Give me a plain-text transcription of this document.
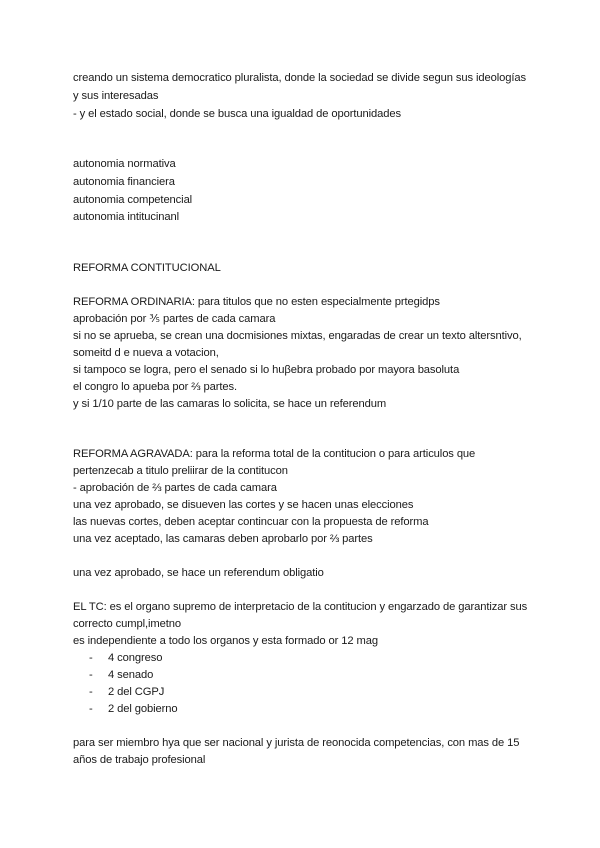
creando un sistema democratico pluralista, donde la sociedad se divide segun sus ideologías
y sus interesadas
- y el estado social, donde se busca una igualdad de oportunidades
autonomia normativa
autonomia financiera
autonomia competencial
autonomia intitucinanl
REFORMA CONTITUCIONAL
REFORMA ORDINARIA: para titulos que no esten especialmente prtegidps
aprobación por ⅗ partes de cada camara
si no se aprueba, se crean una docmisiones mixtas, engaradas de crear un texto altersntivo,
someitd d e nueva a votacion,
si tampoco se logra, pero el senado si lo huβebra probado por mayora basoluta
el congro lo apueba por ⅔ partes.
y si 1/10 parte de las camaras lo solicita, se hace un referendum
REFORMA AGRAVADA: para la reforma total de la contitucion o para articulos que
pertenzecab a titulo preliirar de la contitucon
- aprobación de ⅔ partes de cada camara
una vez aprobado, se disueven las cortes y se hacen unas elecciones
las nuevas cortes, deben aceptar contincuar con la propuesta de reforma
una vez aceptado, las camaras deben aprobarlo por ⅔ partes
una vez aprobado, se hace un referendum obligatio
EL TC: es el organo supremo de interpretacio de la contitucion y engarzado de garantizar sus
correcto cumpl,imetno
es independiente a todo los organos y esta formado or 12 mag
- 4 congreso
- 4 senado
- 2 del CGPJ
- 2 del gobierno
para ser miembro hya que ser nacional y jurista de reonocida competencias, con mas de 15
años de trabajo profesional
